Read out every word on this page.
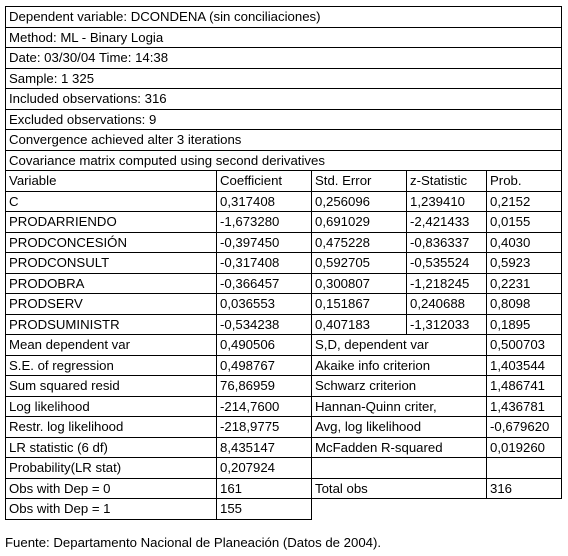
Dependent variable: DCONDENA (sin conciliaciones)
Method: ML - Binary Logia
Date: 03/30/04 Time: 14:38
Sample: 1 325
Included observations: 316
Excluded observations: 9
Convergence achieved alter 3 iterations
Covariance matrix computed using second derivatives
Variable	Coefficient	Std. Error	z-Statistic	Prob.
C	0,317408	0,256096	1,239410	0,2152
PRODARRIENDO	-1,673280	0,691029	-2,421433	0,0155
PRODCONCESIÓN	-0,397450	0,475228	-0,836337	0,4030
PRODCONSULT	-0,317408	0,592705	-0,535524	0,5923
PRODOBRA	-0,366457	0,300807	-1,218245	0,2231
PRODSERV	0,036553	0,151867	0,240688	0,8098
PRODSUMINISTR	-0,534238	0,407183	-1,312033	0,1895
Mean dependent var	0,490506	S,D, dependent var	0,500703
S.E. of regression	0,498767	Akaike info criterion	1,403544
Sum squared resid	76,86959	Schwarz criterion	1,486741
Log likelihood	-214,7600	Hannan-Quinn criter,	1,436781
Restr. log likelihood	-218,9775	Avg, log likelihood	-0,679620
LR statistic (6 df)	8,435147	McFadden R-squared	0,019260
Probability(LR stat)	0,207924
Obs with Dep = 0	161	Total obs	316
Obs with Dep = 1	155
Fuente: Departamento Nacional de Planeación (Datos de 2004).
